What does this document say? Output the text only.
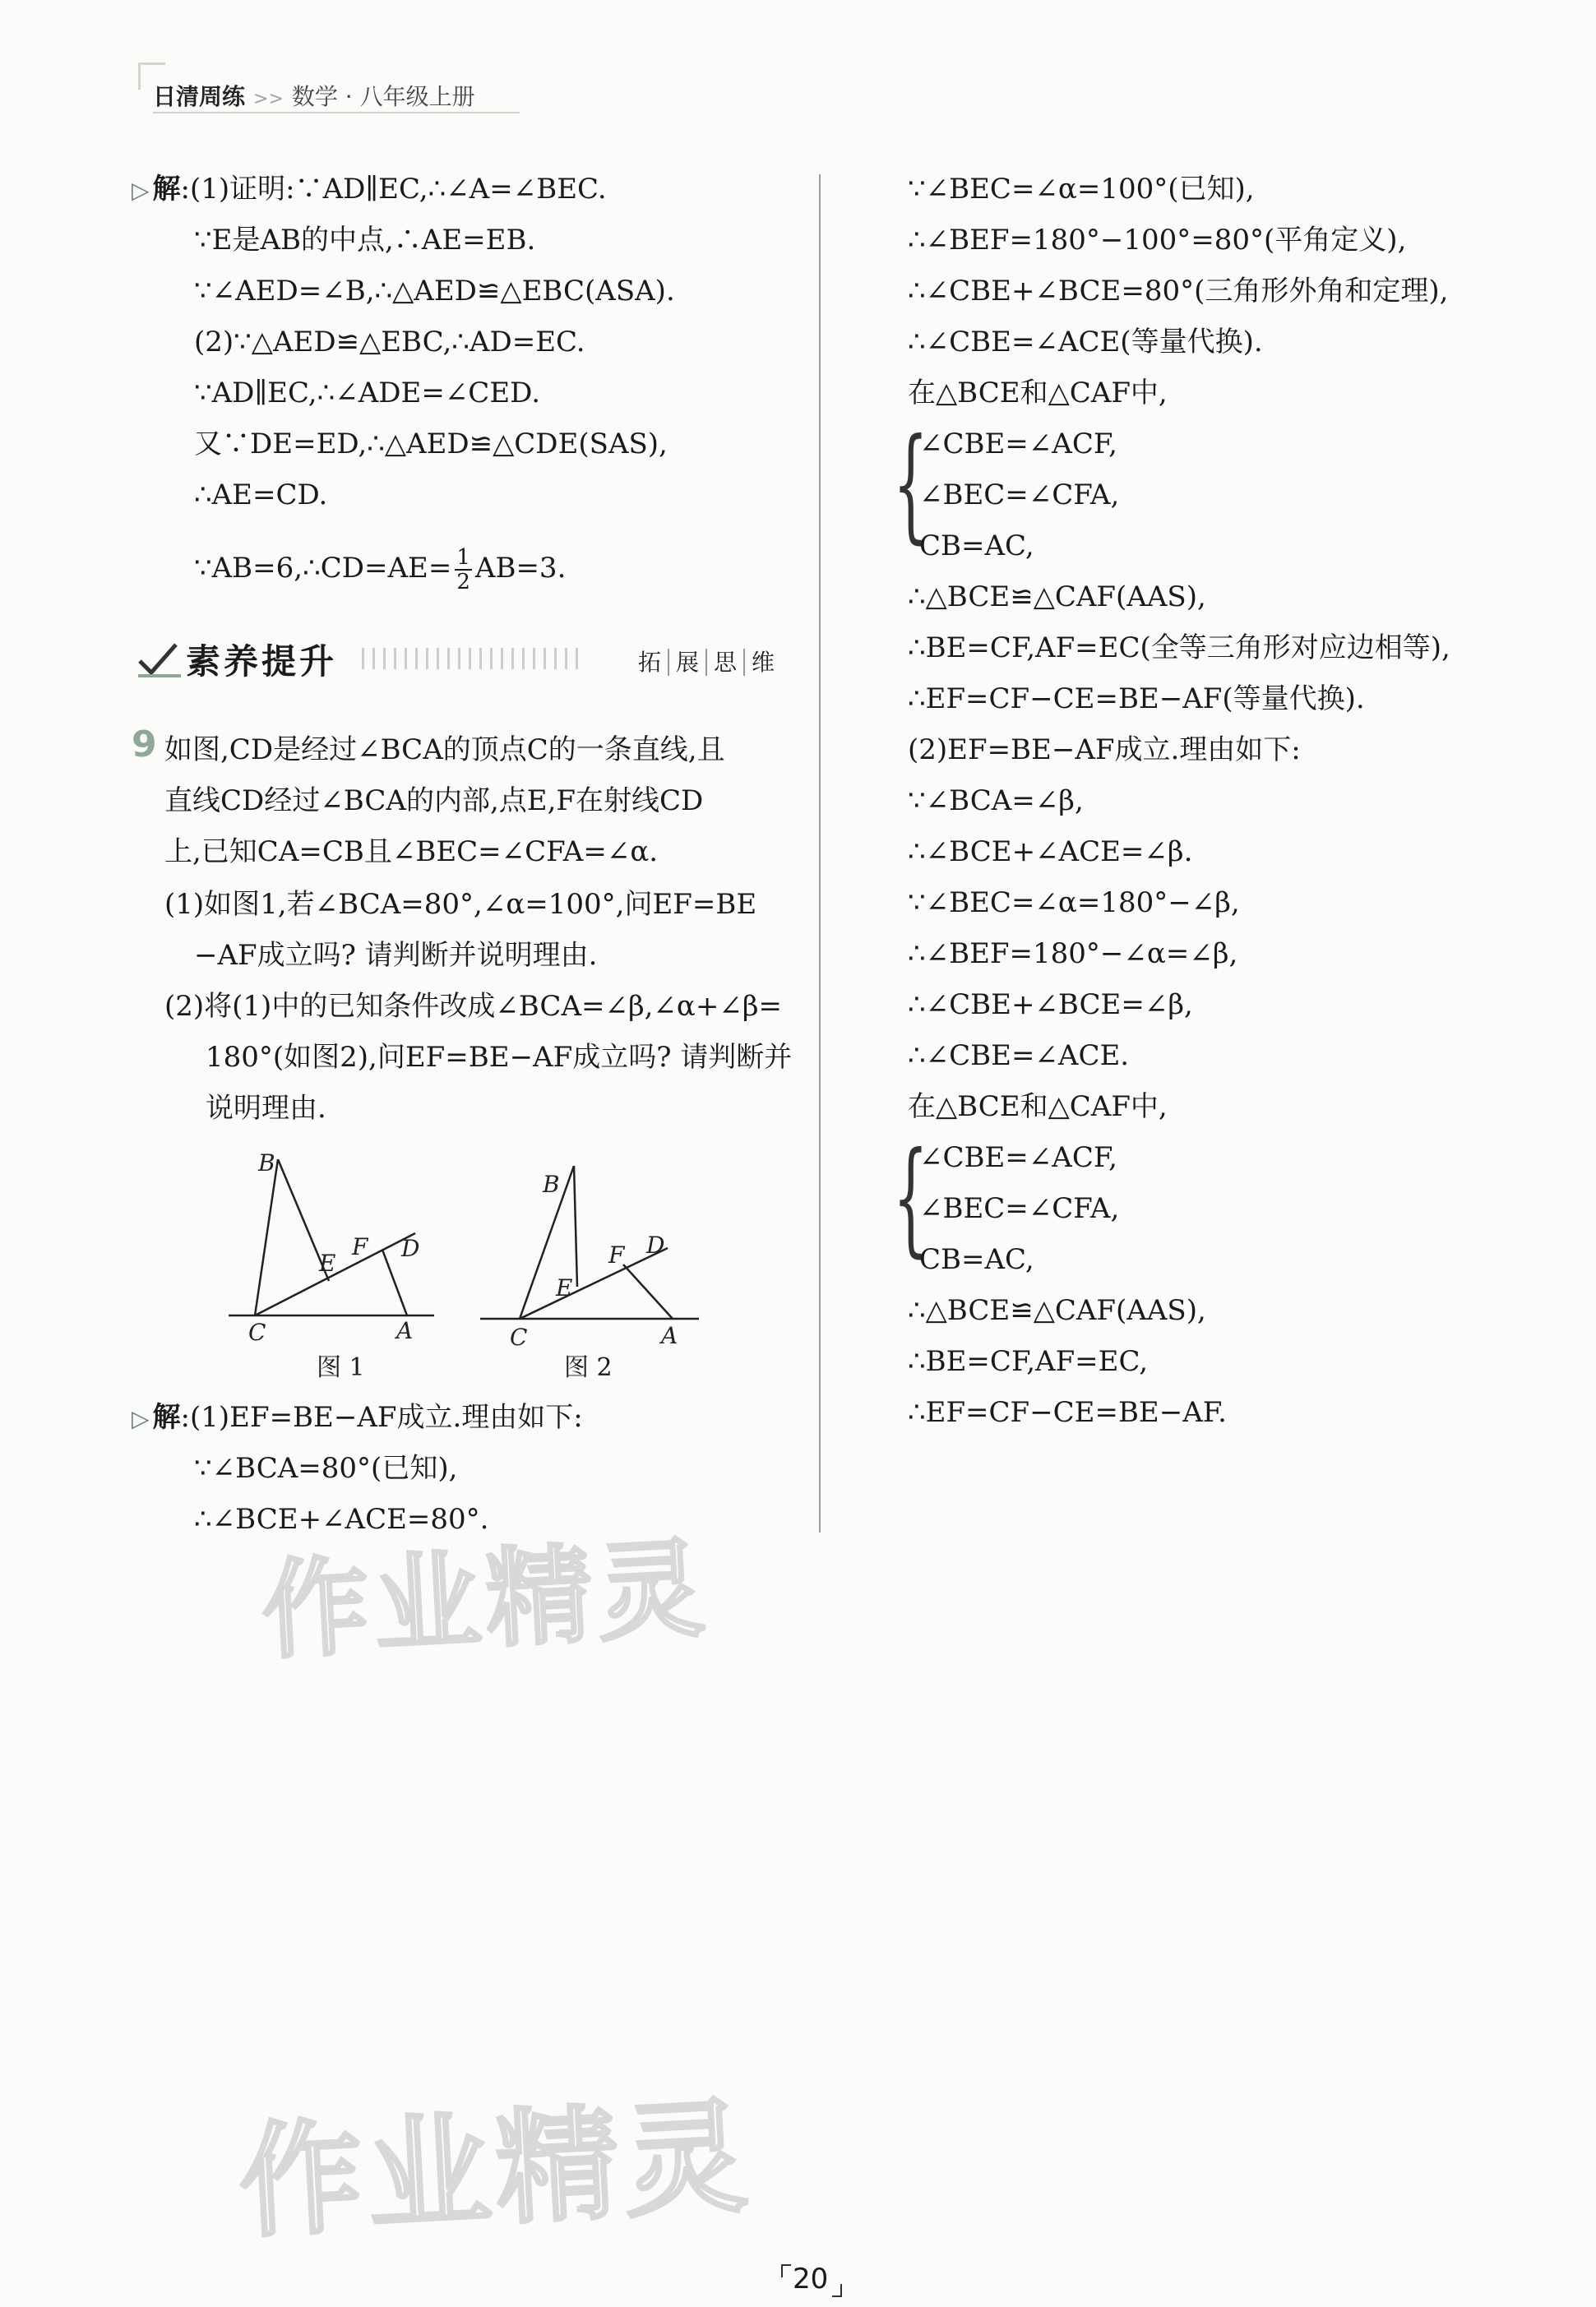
日清周练 >> 数学 · 八年级上册
▷ 解:(1)证明:∵AD∥EC,∴∠A=∠BEC.
∵E是AB的中点,∴AE=EB.
∵∠AED=∠B,∴△AED≌△EBC(ASA).
(2)∵△AED≌△EBC,∴AD=EC.
∵AD∥EC,∴∠ADE=∠CED.
又∵DE=ED,∴△AED≌△CDE(SAS),
∴AE=CD.
∵AB=6,∴CD=AE= $\frac{1}{2} AB=3$.
素养提升	拓 展 思 维
9 如图,CD是经过∠BCA的顶点C的一条直线,且
直线CD经过∠BCA的内部,点E,F在射线CD
上,已知CA=CB且∠BEC=∠CFA=∠α.
(1)如图1,若∠BCA=80°,∠α=100°,问EF=BE
−AF成立吗? 请判断并说明理由.
(2)将(1)中的已知条件改成∠BCA=∠β,∠α+∠β=
180°(如图2),问EF=BE−AF成立吗? 请判断并
说明理由.
B
E
F D
C	A
图 1
B
E
F D
C	A
图 2
▷ 解:(1)EF=BE−AF成立.理由如下:
∵∠BCA=80°(已知),
∴∠BCE+∠ACE=80°.
∵∠BEC=∠α=100°(已知),
∴∠BEF=180°−100°=80°(平角定义),
∴∠CBE+∠BCE=80°(三角形外角和定理),
∴∠CBE=∠ACE(等量代换).
在△BCE和△CAF中,
{
∠CBE=∠ACF,
∠BEC=∠CFA,
CB=AC,
∴△BCE≌△CAF(AAS),
∴BE=CF,AF=EC(全等三角形对应边相等),
∴EF=CF−CE=BE−AF(等量代换).
(2)EF=BE−AF成立.理由如下:
∵∠BCA=∠β,
∴∠BCE+∠ACE=∠β.
∵∠BEC=∠α=180°−∠β,
∴∠BEF=180°−∠α=∠β,
∴∠CBE+∠BCE=∠β,
∴∠CBE=∠ACE.
在△BCE和△CAF中,
{
∠CBE=∠ACF,
∠BEC=∠CFA,
CB=AC,
∴△BCE≌△CAF(AAS),
∴BE=CF,AF=EC,
∴EF=CF−CE=BE−AF.
作业精灵
作业精灵
20
